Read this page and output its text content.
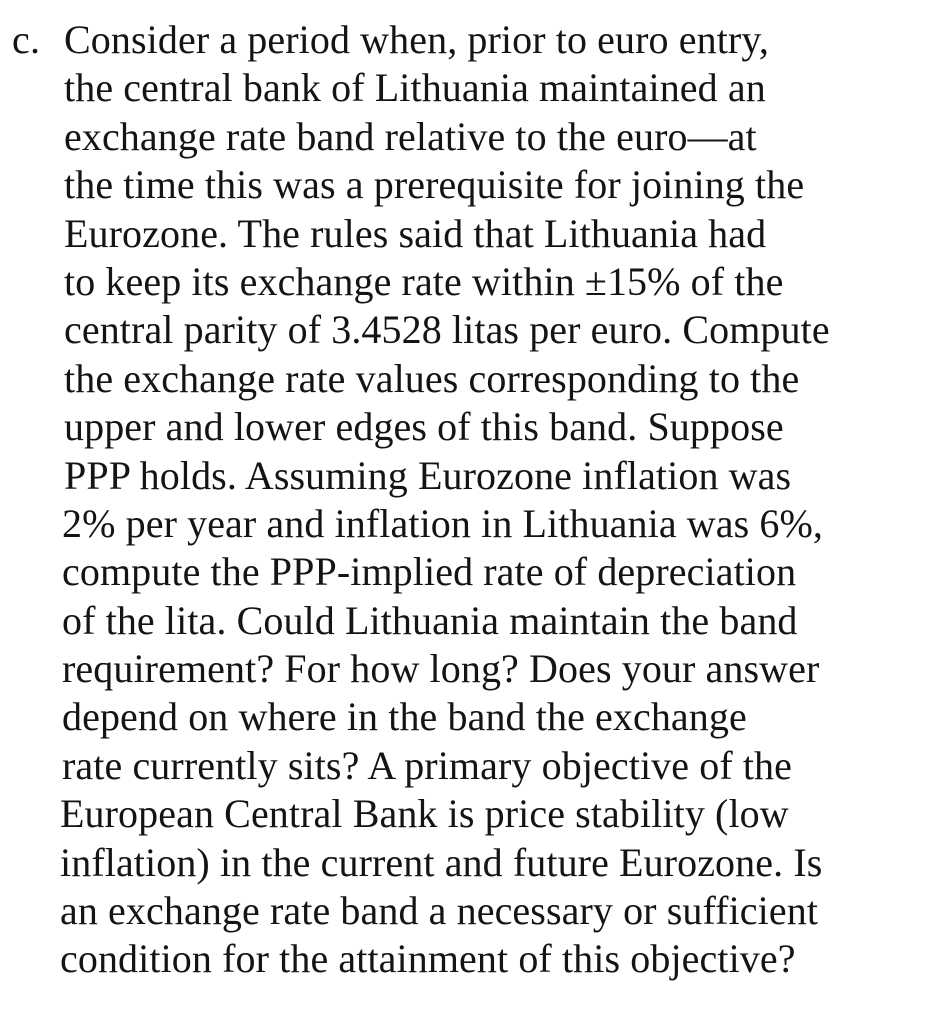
c. Consider a period when, prior to euro entry,
the central bank of Lithuania maintained an
exchange rate band relative to the euro—at
the time this was a prerequisite for joining the
Eurozone. The rules said that Lithuania had
to keep its exchange rate within ±15% of the
central parity of 3.4528 litas per euro. Compute
the exchange rate values corresponding to the
upper and lower edges of this band. Suppose
PPP holds. Assuming Eurozone inflation was
2% per year and inflation in Lithuania was 6%,
compute the PPP-implied rate of depreciation
of the lita. Could Lithuania maintain the band
requirement? For how long? Does your answer
depend on where in the band the exchange
rate currently sits? A primary objective of the
European Central Bank is price stability (low
inflation) in the current and future Eurozone. Is
an exchange rate band a necessary or sufficient
condition for the attainment of this objective?
